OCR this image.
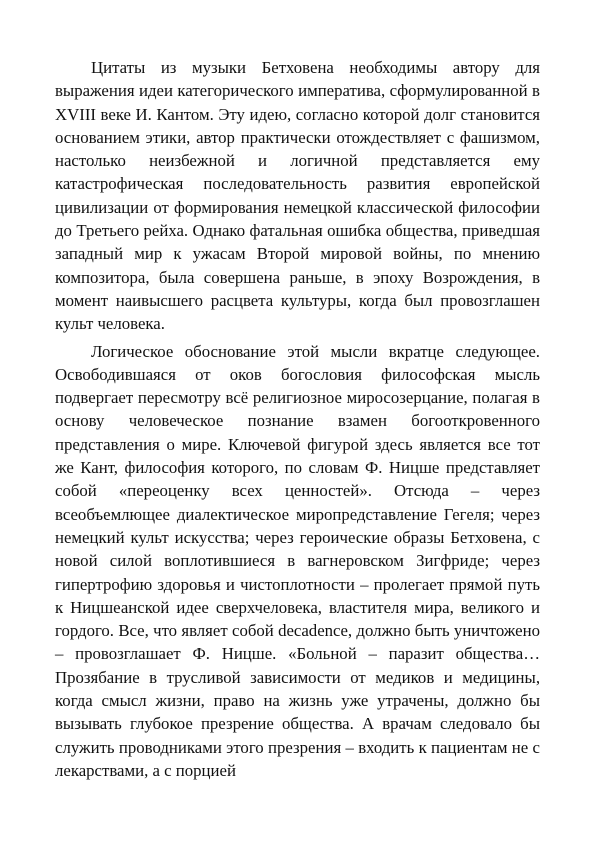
Цитаты из музыки Бетховена необходимы автору для выражения идеи категорического императива, сформулированной в XVIII веке И. Кантом. Эту идею, согласно которой долг становится основанием этики, автор практически отождествляет с фашизмом, настолько неизбежной и логичной представляется ему катастрофическая последовательность развития европейской цивилизации от формирования немецкой классической философии до Третьего рейха. Однако фатальная ошибка общества, приведшая западный мир к ужасам Второй мировой войны, по мнению композитора, была совершена раньше, в эпоху Возрождения, в момент наивысшего расцвета культуры, когда был провозглашен культ человека.

Логическое обоснование этой мысли вкратце следующее. Освободившаяся от оков богословия философская мысль подвергает пересмотру всё религиозное миросозерцание, полагая в основу человеческое познание взамен богооткровенного представления о мире. Ключевой фигурой здесь является все тот же Кант, философия которого, по словам Ф. Ницше представляет собой «переоценку всех ценностей». Отсюда – через всеобъемлющее диалектическое миропредставление Гегеля; через немецкий культ искусства; через героические образы Бетховена, с новой силой воплотившиеся в вагнеровском Зигфриде; через гипертрофию здоровья и чистоплотности – пролегает прямой путь к Ницшеанской идее сверхчеловека, властителя мира, великого и гордого. Все, что являет собой decadence, должно быть уничтожено – провозглашает Ф. Ницше. «Больной – паразит общества… Прозябание в трусливой зависимости от медиков и медицины, когда смысл жизни, право на жизнь уже утрачены, должно бы вызывать глубокое презрение общества. А врачам следовало бы служить проводниками этого презрения – входить к пациентам не с лекарствами, а с порцией
